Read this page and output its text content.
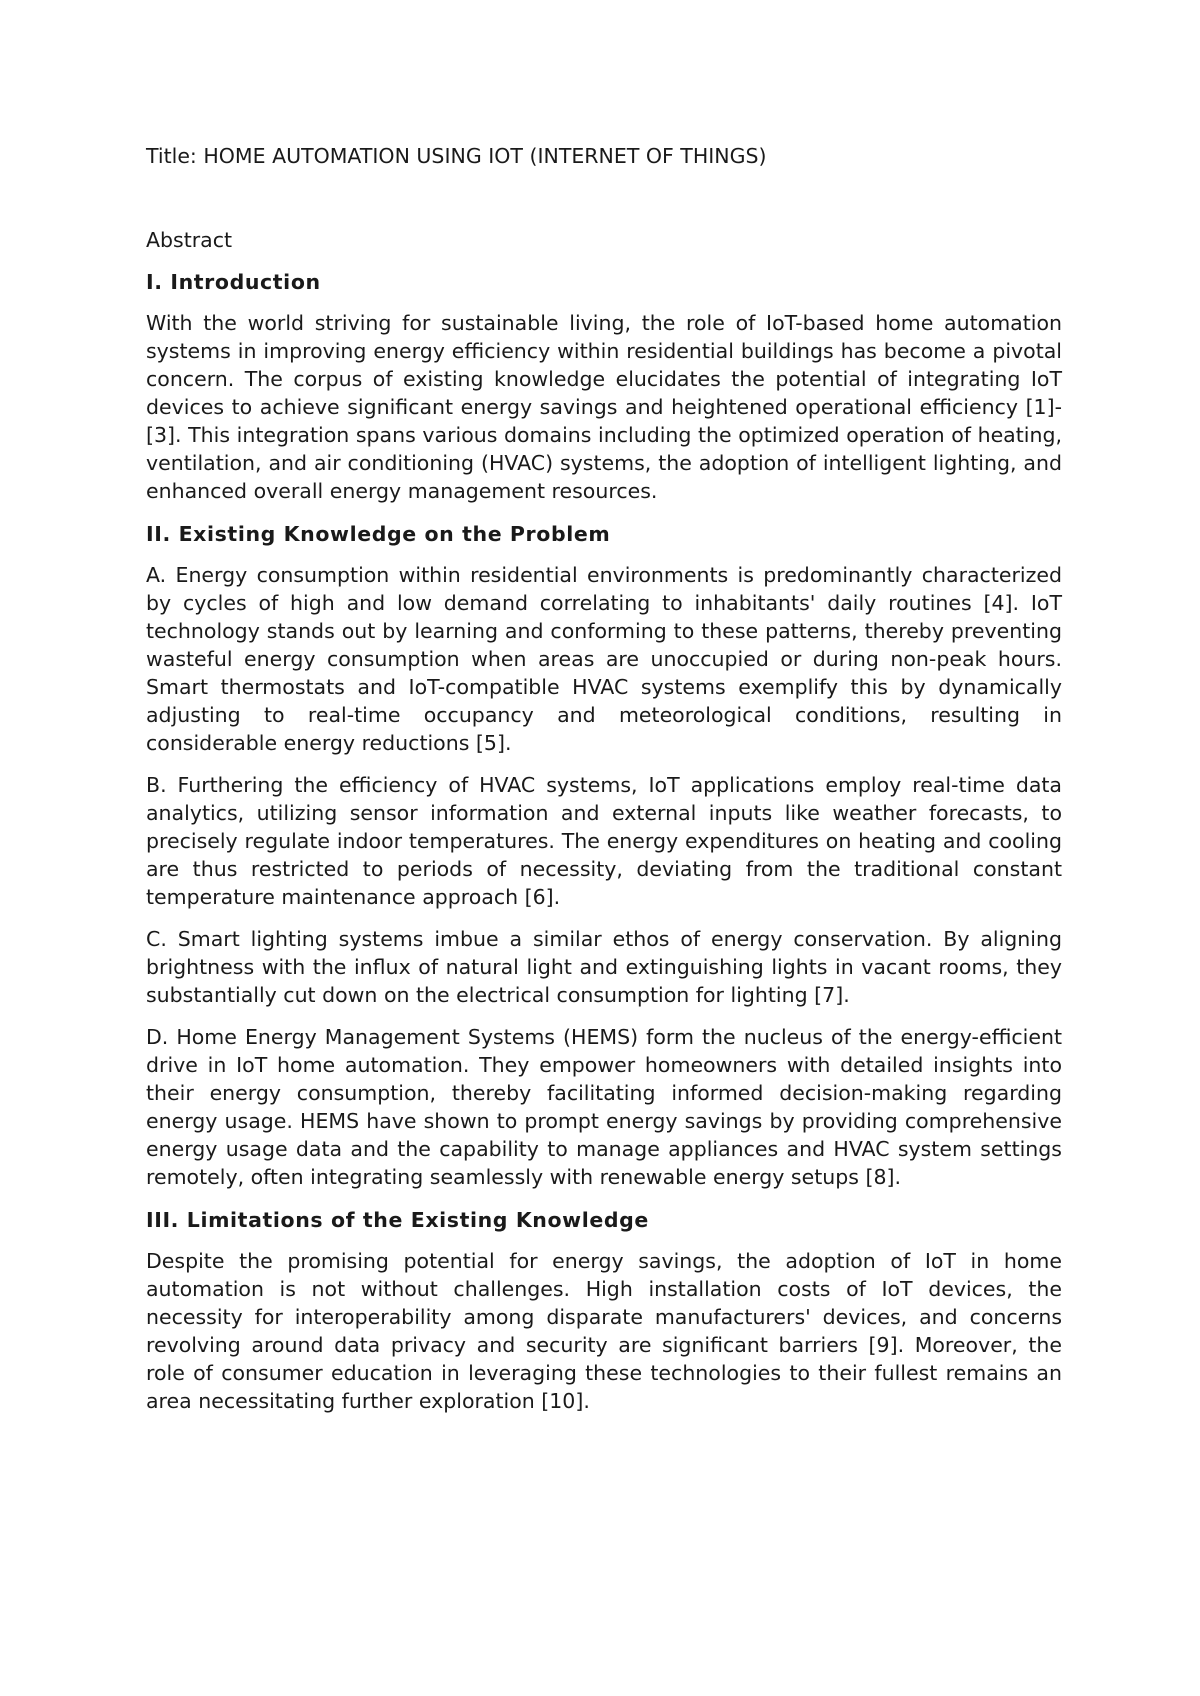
Title: HOME AUTOMATION USING IOT (INTERNET OF THINGS)
Abstract
I. Introduction

With the world striving for sustainable living, the role of IoT-based home automation systems in improving energy efficiency within residential buildings has become a pivotal concern. The corpus of existing knowledge elucidates the potential of integrating IoT devices to achieve significant energy savings and heightened operational efficiency [1]-[3]. This integration spans various domains including the optimized operation of heating, ventilation, and air conditioning (HVAC) systems, the adoption of intelligent lighting, and enhanced overall energy management resources.

II. Existing Knowledge on the Problem

A. Energy consumption within residential environments is predominantly characterized by cycles of high and low demand correlating to inhabitants' daily routines [4]. IoT technology stands out by learning and conforming to these patterns, thereby preventing wasteful energy consumption when areas are unoccupied or during non-peak hours. Smart thermostats and IoT-compatible HVAC systems exemplify this by dynamically adjusting to real-time occupancy and meteorological conditions, resulting in considerable energy reductions [5].

B. Furthering the efficiency of HVAC systems, IoT applications employ real-time data analytics, utilizing sensor information and external inputs like weather forecasts, to precisely regulate indoor temperatures. The energy expenditures on heating and cooling are thus restricted to periods of necessity, deviating from the traditional constant temperature maintenance approach [6].

C. Smart lighting systems imbue a similar ethos of energy conservation. By aligning brightness with the influx of natural light and extinguishing lights in vacant rooms, they substantially cut down on the electrical consumption for lighting [7].

D. Home Energy Management Systems (HEMS) form the nucleus of the energy-efficient drive in IoT home automation. They empower homeowners with detailed insights into their energy consumption, thereby facilitating informed decision-making regarding energy usage. HEMS have shown to prompt energy savings by providing comprehensive energy usage data and the capability to manage appliances and HVAC system settings remotely, often integrating seamlessly with renewable energy setups [8].

III. Limitations of the Existing Knowledge

Despite the promising potential for energy savings, the adoption of IoT in home automation is not without challenges. High installation costs of IoT devices, the necessity for interoperability among disparate manufacturers' devices, and concerns revolving around data privacy and security are significant barriers [9]. Moreover, the role of consumer education in leveraging these technologies to their fullest remains an area necessitating further exploration [10].
